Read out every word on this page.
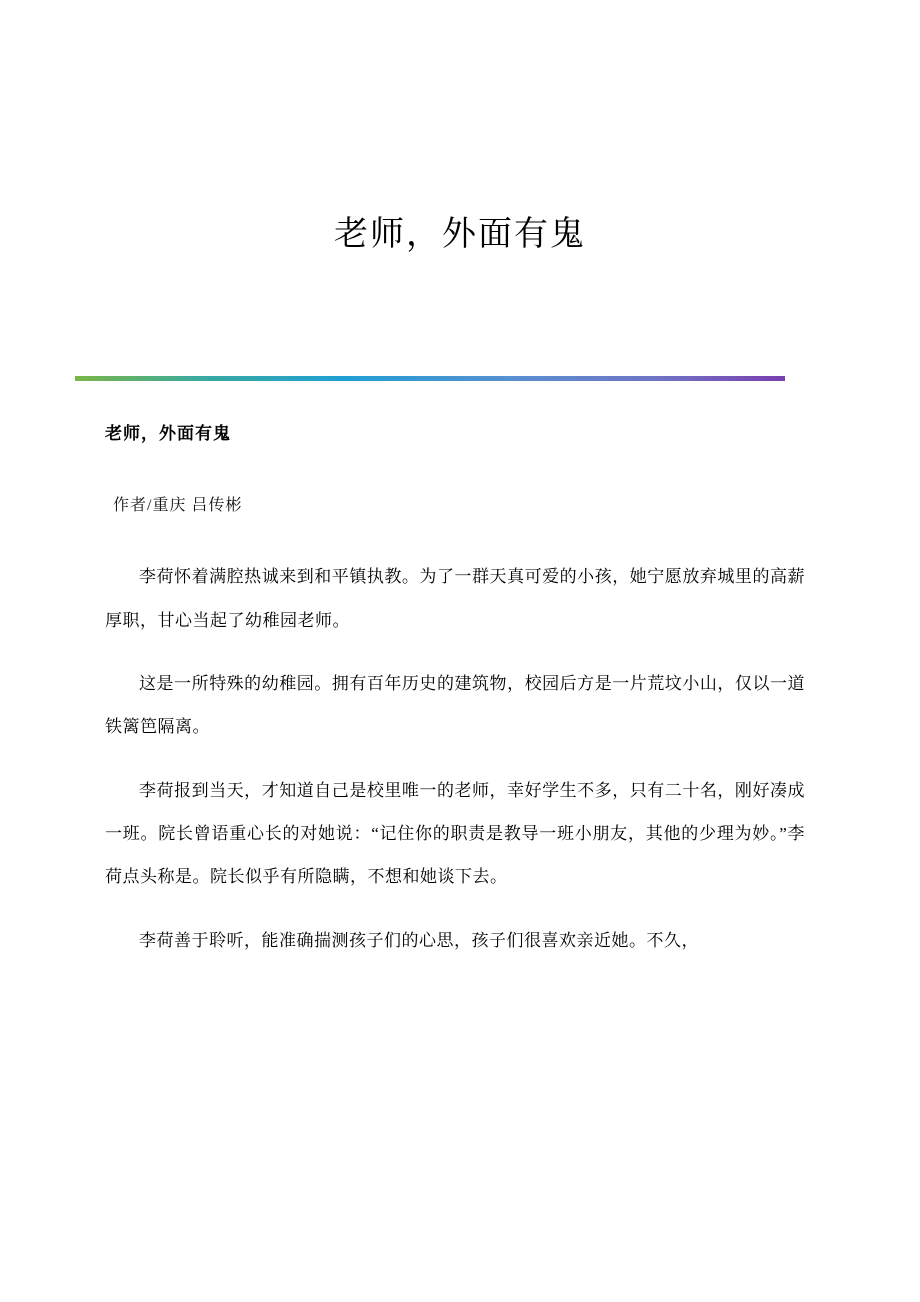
老师，外面有鬼
老师，外面有鬼
作者/重庆 吕传彬

李荷怀着满腔热诚来到和平镇执教。为了一群天真可爱的小孩，她宁愿放弃城里的高薪厚职，甘心当起了幼稚园老师。

这是一所特殊的幼稚园。拥有百年历史的建筑物，校园后方是一片荒坟小山，仅以一道铁篱笆隔离。

李荷报到当天，才知道自己是校里唯一的老师，幸好学生不多，只有二十名，刚好凑成一班。院长曾语重心长的对她说：“记住你的职责是教导一班小朋友，其他的少理为妙。”李荷点头称是。院长似乎有所隐瞒，不想和她谈下去。

李荷善于聆听，能准确揣测孩子们的心思，孩子们很喜欢亲近她。不久，
